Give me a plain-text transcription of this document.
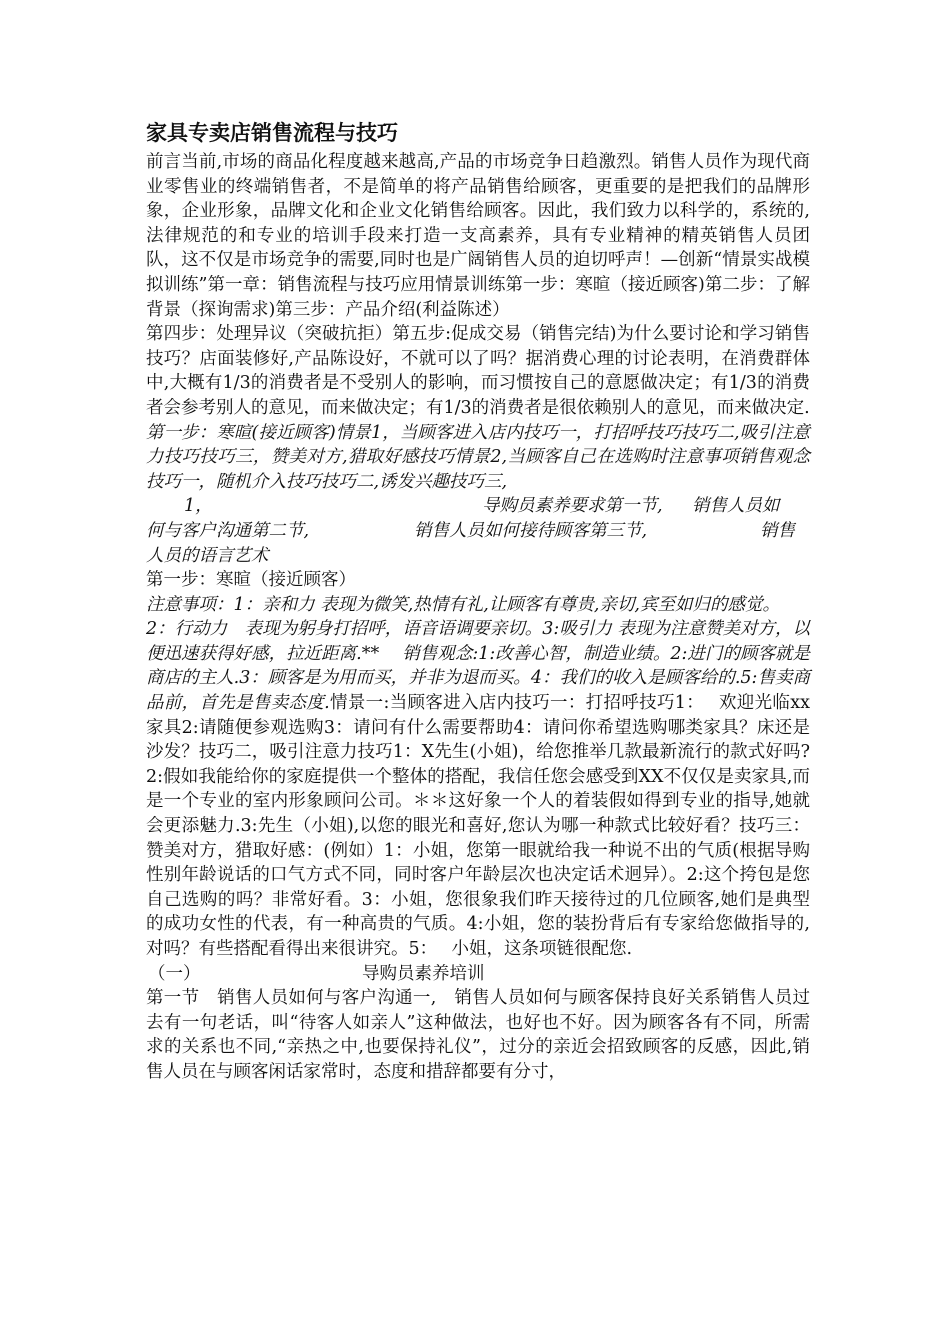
家具专卖店销售流程与技巧

前言当前,市场的商品化程度越来越高,产品的市场竞争日趋激烈。销售人员作为现代商业零售业的终端销售者，不是简单的将产品销售给顾客，更重要的是把我们的品牌形象，企业形象，品牌文化和企业文化销售给顾客。因此，我们致力以科学的，系统的,法律规范的和专业的培训手段来打造一支高素养，具有专业精神的精英销售人员团队，这不仅是市场竞争的需要,同时也是广阔销售人员的迫切呼声！—创新“情景实战模拟训练”第一章：销售流程与技巧应用情景训练第一步：寒暄（接近顾客)第二步：了解背景（探询需求)第三步：产品介绍(利益陈述）

第四步：处理异议（突破抗拒）第五步:促成交易（销售完结)为什么要讨论和学习销售技巧？店面装修好,产品陈设好，不就可以了吗？据消费心理的讨论表明，在消费群体中,大概有1/3的消费者是不受别人的影响，而习惯按自己的意愿做决定；有1/3的消费者会参考别人的意见，而来做决定；有1/3的消费者是很依赖别人的意见，而来做决定.

第一步：寒暄(接近顾客)情景1，当顾客进入店内技巧一，打招呼技巧技巧二,吸引注意力技巧技巧三，赞美对方,猎取好感技巧情景2,当顾客自己在选购时注意事项销售观念技巧一，随机介入技巧技巧二,诱发兴趣技巧三,

1，	导购员素养要求第一节,	销售人员如
何与客户沟通第二节,	销售人员如何接待顾客第三节,	销售
人员的语言艺术

第一步：寒暄（接近顾客）

注意事项：1：亲和力 表现为微笑,热情有礼,让顾客有尊贵,亲切,宾至如归的感觉。

2：行动力　表现为躬身打招呼，语音语调要亲切。3:吸引力 表现为注意赞美对方，以便迅速获得好感，拉近距离.**　 销售观念:1:改善心智，制造业绩。2:进门的顾客就是商店的主人.3：顾客是为用而买，并非为退而买。4：我们的收入是顾客给的.5:售卖商品前，首先是售卖态度.情景一:当顾客进入店内技巧一：打招呼技巧1：　 欢迎光临xx家具2:请随便参观选购3：请问有什么需要帮助4：请问你希望选购哪类家具？床还是沙发？技巧二，吸引注意力技巧1：X先生(小姐)，给您推举几款最新流行的款式好吗?2:假如我能给你的家庭提供一个整体的搭配，我信任您会感受到XX不仅仅是卖家具,而是一个专业的室内形象顾问公司。＊＊这好象一个人的着装假如得到专业的指导,她就会更添魅力.3:先生（小姐),以您的眼光和喜好,您认为哪一种款式比较好看？技巧三：赞美对方，猎取好感：(例如）1：小姐，您第一眼就给我一种说不出的气质(根据导购性别年龄说话的口气方式不同，同时客户年龄层次也决定话术迥异）。2:这个挎包是您自己选购的吗？非常好看。3：小姐，您很象我们昨天接待过的几位顾客,她们是典型的成功女性的代表，有一种高贵的气质。4:小姐，您的装扮背后有专家给您做指导的,对吗？有些搭配看得出来很讲究。5：　 小姐，这条项链很配您.

（一）	导购员素养培训

第一节　销售人员如何与客户沟通一,　销售人员如何与顾客保持良好关系销售人员过去有一句老话，叫“待客人如亲人”这种做法，也好也不好。因为顾客各有不同，所需求的关系也不同,“亲热之中,也要保持礼仪”，过分的亲近会招致顾客的反感，因此,销售人员在与顾客闲话家常时，态度和措辞都要有分寸，
